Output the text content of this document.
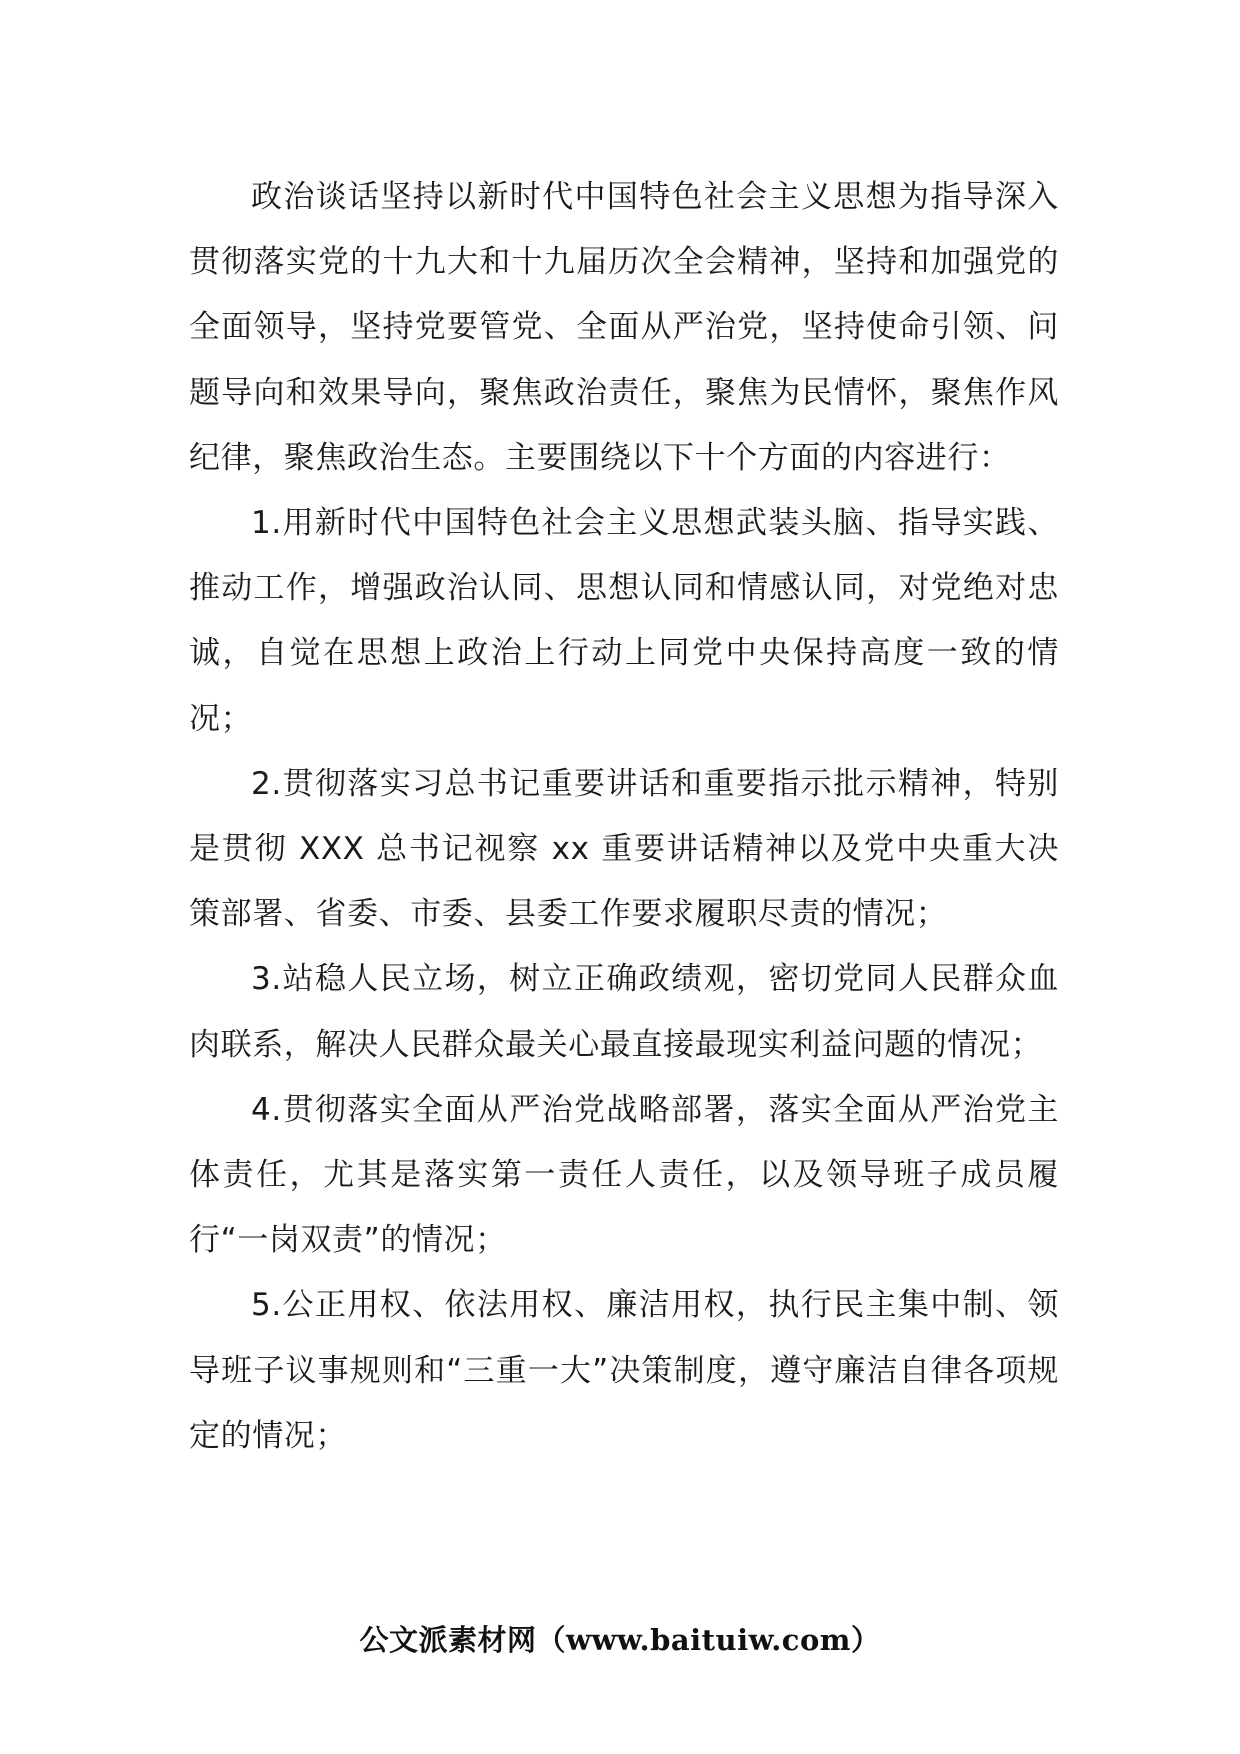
政治谈话坚持以新时代中国特色社会主义思想为指导深入贯彻落实党的十九大和十九届历次全会精神，坚持和加强党的全面领导，坚持党要管党、全面从严治党，坚持使命引领、问题导向和效果导向，聚焦政治责任，聚焦为民情怀，聚焦作风纪律，聚焦政治生态。主要围绕以下十个方面的内容进行：

1.用新时代中国特色社会主义思想武装头脑、指导实践、推动工作，增强政治认同、思想认同和情感认同，对党绝对忠诚，自觉在思想上政治上行动上同党中央保持高度一致的情况；

2.贯彻落实习总书记重要讲话和重要指示批示精神，特别是贯彻 XXX 总书记视察 xx 重要讲话精神以及党中央重大决策部署、省委、市委、县委工作要求履职尽责的情况；

3.站稳人民立场，树立正确政绩观，密切党同人民群众血肉联系，解决人民群众最关心最直接最现实利益问题的情况；

4.贯彻落实全面从严治党战略部署，落实全面从严治党主体责任，尤其是落实第一责任人责任，以及领导班子成员履行“一岗双责”的情况；

5.公正用权、依法用权、廉洁用权，执行民主集中制、领导班子议事规则和“三重一大”决策制度，遵守廉洁自律各项规定的情况；

公文派素材网（www.baituiw.com）
